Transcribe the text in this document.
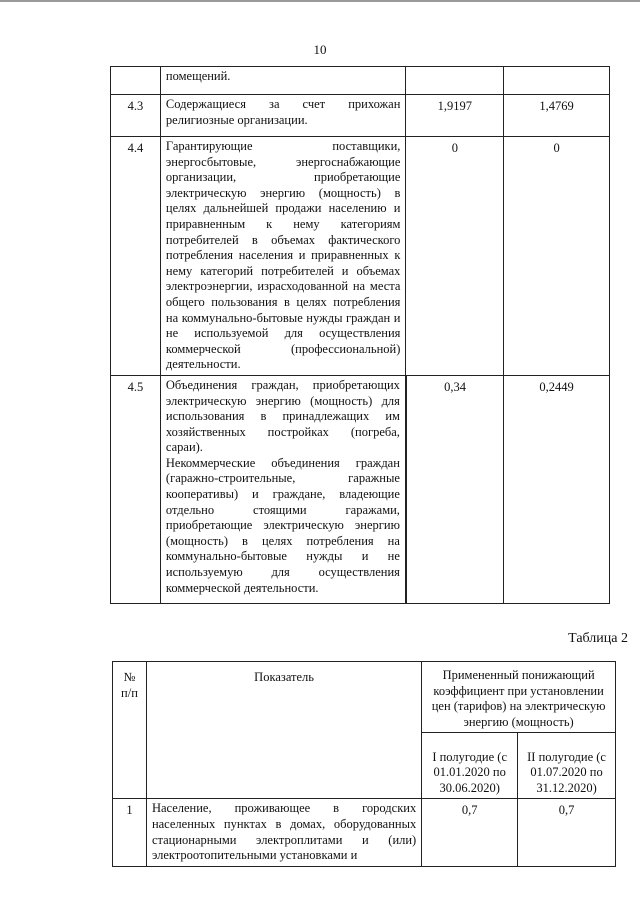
10
	помещений.		
4.3	Содержащиеся за счет прихожан религиозные организации.	1,9197	1,4769
4.4	Гарантирующие поставщики, энергосбытовые, энергоснабжающие организации, приобретающие электрическую энергию (мощность) в целях дальнейшей продажи населению и приравненным к нему категориям потребителей в объемах фактического потребления населения и приравненных к нему категорий потребителей и объемах электроэнергии, израсходованной на места общего пользования в целях потребления на коммунально-бытовые нужды граждан и не используемой для осуществления коммерческой (профессиональной) деятельности.	0	0
4.5	Объединения граждан, приобретающих электрическую энергию (мощность) для использования в принадлежащих им хозяйственных постройках (погреба, сараи).
Некоммерческие объединения граждан (гаражно-строительные, гаражные кооперативы) и граждане, владеющие отдельно стоящими гаражами, приобретающие электрическую энергию (мощность) в целях потребления на коммунально-бытовые нужды и не используемую для осуществления коммерческой деятельности.	0,34	0,2449
Таблица 2
№ п/п	Показатель	Примененный понижающий коэффициент при установлении цен (тарифов) на электрическую энергию (мощность)	
		I полугодие (с 01.01.2020 по 30.06.2020)	II полугодие (с 01.07.2020 по 31.12.2020)
1	Население, проживающее в городских населенных пунктах в домах, оборудованных стационарными электроплитами и (или) электроотопительными установками и	0,7	0,7
